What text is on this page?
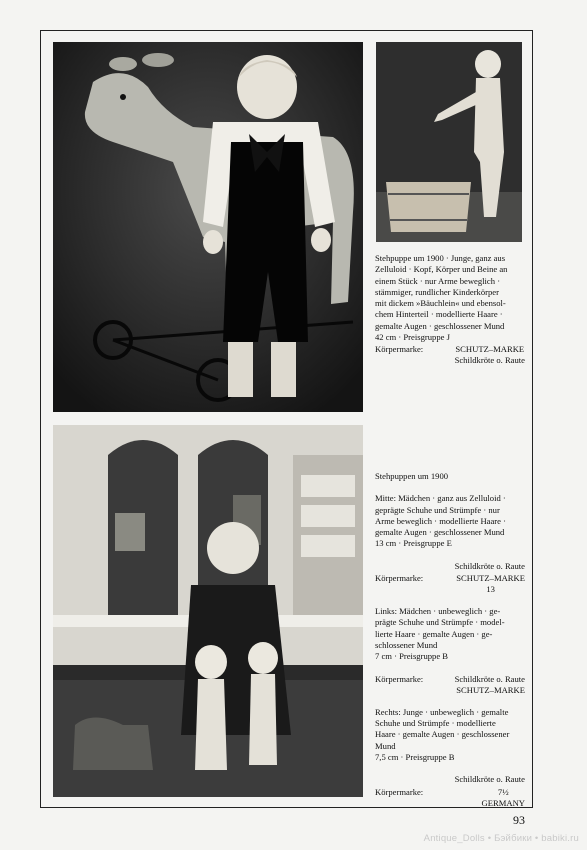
Stehpuppe um 1900 · Junge, ganz aus

Zelluloid · Kopf, Körper und Beine an

einem Stück · nur Arme beweglich ·

stämmiger, rundlicher Kinderkörper

mit dickem »Bäuchlein« und ebensol-

chem Hinterteil · modellierte Haare ·

gemalte Augen · geschlossener Mund

42 cm · Preisgruppe J

Körpermarke:	SCHUTZ–MARKE
Schildkröte o. Raute

Stehpuppen um 1900

Mitte: Mädchen · ganz aus Zelluloid ·

geprägte Schuhe und Strümpfe · nur

Arme beweglich · modellierte Haare ·

gemalte Augen · geschlossener Mund

13 cm · Preisgruppe E

Schildkröte o. Raute

Körpermarke:	SCHUTZ–MARKE
13

Links: Mädchen · unbeweglich · ge-

prägte Schuhe und Strümpfe · model-

lierte Haare · gemalte Augen · ge-

schlossener Mund

7 cm · Preisgruppe B

Schildkröte o. Raute

Körpermarke:
SCHUTZ–MARKE

Rechts: Junge · unbeweglich · gemalte

Schuhe und Strümpfe · modellierte

Haare · gemalte Augen · geschlossener

Mund

7,5 cm · Preisgruppe B

Schildkröte o. Raute

Körpermarke:	7½
GERMANY
93
Antique_Dolls • Бэйбики • babiki.ru
